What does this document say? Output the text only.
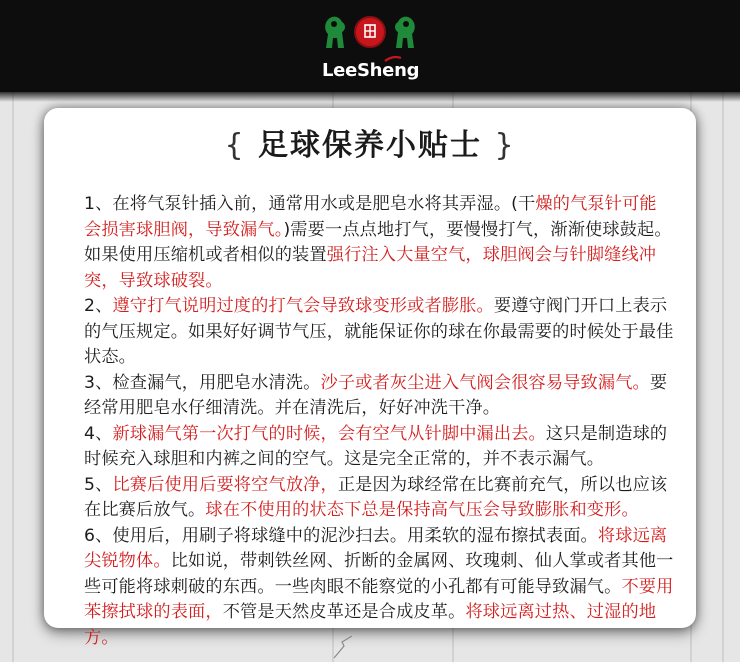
LeeSheng
{ 足球保养小贴士 }

1、在将气泵针插入前，通常用水或是肥皂水将其弄湿。(干燥的气泵针可能会损害球胆阀，导致漏气。)需要一点点地打气，要慢慢打气，渐渐使球鼓起。如果使用压缩机或者相似的装置强行注入大量空气，球胆阀会与针脚缝线冲突，导致球破裂。

2、遵守打气说明过度的打气会导致球变形或者膨胀。要遵守阀门开口上表示的气压规定。如果好好调节气压，就能保证你的球在你最需要的时候处于最佳状态。

3、检查漏气，用肥皂水清洗。沙子或者灰尘进入气阀会很容易导致漏气。要经常用肥皂水仔细清洗。并在清洗后，好好冲洗干净。

4、新球漏气第一次打气的时候，会有空气从针脚中漏出去。这只是制造球的时候充入球胆和内裤之间的空气。这是完全正常的，并不表示漏气。

5、比赛后使用后要将空气放净，正是因为球经常在比赛前充气，所以也应该在比赛后放气。球在不使用的状态下总是保持高气压会导致膨胀和变形。

6、使用后，用刷子将球缝中的泥沙扫去。用柔软的湿布擦拭表面。将球远离尖锐物体。比如说，带刺铁丝网、折断的金属网、玫瑰刺、仙人掌或者其他一些可能将球刺破的东西。一些肉眼不能察觉的小孔都有可能导致漏气。不要用苯擦拭球的表面，不管是天然皮革还是合成皮革。将球远离过热、过湿的地方。
